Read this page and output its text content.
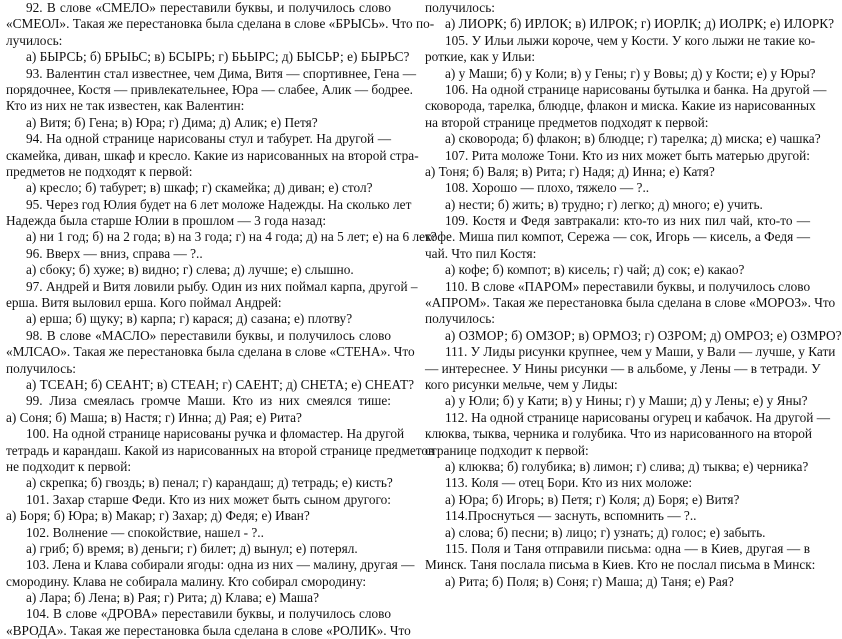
92. В слове «СМЕЛО» переставили буквы, и получилось слово
«СМЕОЛ». Такая же перестановка была сделана в слове «БРЫСЬ». Что по-
лучилось:
а) БЫРСЬ; б) БРЫЬС; в) БСЫРЬ; г) БЬЫРС; д) БЫСЬР; е) БЫРЬС?
93. Валентин стал известнее, чем Дима, Витя — спортивнее, Гена —
порядочнее, Костя — привлекательнее, Юра — слабее, Алик — бодрее.
Кто из них не так известен, как Валентин:
а) Витя; б) Гена; в) Юра; г) Дима; д) Алик; е) Петя?
94. На одной странице нарисованы стул и табурет. На другой —
скамейка, диван, шкаф и кресло. Какие из нарисованных на второй стра-
предметов не подходят к первой:
а) кресло; б) табурет; в) шкаф; г) скамейка; д) диван; е) стол?
95. Через год Юлия будет на 6 лет моложе Надежды. На сколько лет
Надежда была старше Юлии в прошлом — 3 года назад:
а) ни 1 год; б) на 2 года; в) на 3 года; г) на 4 года; д) на 5 лет; е) на 6 лет?
96. Вверх — вниз, справа — ?..
а) сбоку; б) хуже; в) видно; г) слева; д) лучше; е) слышно.
97. Андрей и Витя ловили рыбу. Один из них поймал карпа, другой –
ерша. Витя выловил ерша. Кого поймал Андрей:
а) ерша; б) щуку; в) карпа; г) карася; д) сазана; е) плотву?
98. В слове «МАСЛО» переставили буквы, и получилось слово
«МЛСАО». Такая же перестановка была сделана в слове «СТЕНА». Что
получилось:
а) ТСЕАН; б) СЕАНТ; в) СТЕАН; г) САЕНТ; д) СНЕТА; е) СНЕАТ?
99. Лиза смеялась громче Маши. Кто из них смеялся тише:
а) Соня; б) Маша; в) Настя; г) Инна; д) Рая; е) Рита?
100. На одной странице нарисованы ручка и фломастер. На другой
тетрадь и карандаш. Какой из нарисованных на второй странице предметов
не подходит к первой:
а) скрепка; б) гвоздь; в) пенал; г) карандаш; д) тетрадь; е) кисть?
101. Захар старше Феди. Кто из них может быть сыном другого:
а) Боря; б) Юра; в) Макар; г) Захар; д) Федя; е) Иван?
102. Волнение — спокойствие, нашел - ?..
а) гриб; б) время; в) деньги; г) билет; д) вынул; е) потерял.
103. Лена и Клава собирали ягоды: одна из них — малину, другая —
смородину. Клава не собирала малину. Кто собирал смородину:
а) Лара; б) Лена; в) Рая; г) Рита; д) Клава; е) Маша?
104. В слове «ДРОВА» переставили буквы, и получилось слово
«ВРОДА». Такая же перестановка была сделана в слове «РОЛИК». Что
получилось:
а) ЛИОРК; б) ИРЛОК; в) ИЛРОК; г) ИОРЛК; д) ИОЛРК; е) ИЛОРК?
105. У Ильи лыжи короче, чем у Кости. У кого лыжи не такие ко-
роткие, как у Ильи:
а) у Маши; б) у Коли; в) у Гены; г) у Вовы; д) у Кости; е) у Юры?
106. На одной странице нарисованы бутылка и банка. На другой —
сковорода, тарелка, блюдце, флакон и миска. Какие из нарисованных
на второй странице предметов подходят к первой:
а) сковорода; б) флакон; в) блюдце; г) тарелка; д) миска; е) чашка?
107. Рита моложе Тони. Кто из них может быть матерью другой:
а) Тоня; б) Валя; в) Рита; г) Надя; д) Инна; е) Катя?
108. Хорошо — плохо, тяжело — ?..
а) нести; б) жить; в) трудно; г) легко; д) много; е) учить.
109. Костя и Федя завтракали: кто-то из них пил чай, кто-то —
кофе. Миша пил компот, Сережа — сок, Игорь — кисель, а Федя —
чай. Что пил Костя:
а) кофе; б) компот; в) кисель; г) чай; д) сок; е) какао?
110. В слове «ПАРОМ» переставили буквы, и получилось слово
«АПРОМ». Такая же перестановка была сделана в слове «МОРОЗ». Что
получилось:
а) ОЗМОР; б) ОМЗОР; в) ОРМОЗ; г) ОЗРОМ; д) ОМРОЗ; е) ОЗМРО?
111. У Лиды рисунки крупнее, чем у Маши, у Вали — лучше, у Кати
— интереснее. У Нины рисунки — в альбоме, у Лены — в тетради. У
кого рисунки мельче, чем у Лиды:
а) у Юли; б) у Кати; в) у Нины; г) у Маши; д) у Лены; е) у Яны?
112. На одной странице нарисованы огурец и кабачок. На другой —
клюква, тыква, черника и голубика. Что из нарисованного на второй
странице подходит к первой:
а) клюква; б) голубика; в) лимон; г) слива; д) тыква; е) черника?
113. Коля — отец Бори. Кто из них моложе:
а) Юра; б) Игорь; в) Петя; г) Коля; д) Боря; е) Витя?
114.Проснуться — заснуть, вспомнить — ?..
а) слова; б) песни; в) лицо; г) узнать; д) голос; е) забыть.
115. Поля и Таня отправили письма: одна — в Киев, другая — в
Минск. Таня послала письма в Киев. Кто не послал письма в Минск:
а) Рита; б) Поля; в) Соня; г) Маша; д) Таня; е) Рая?
